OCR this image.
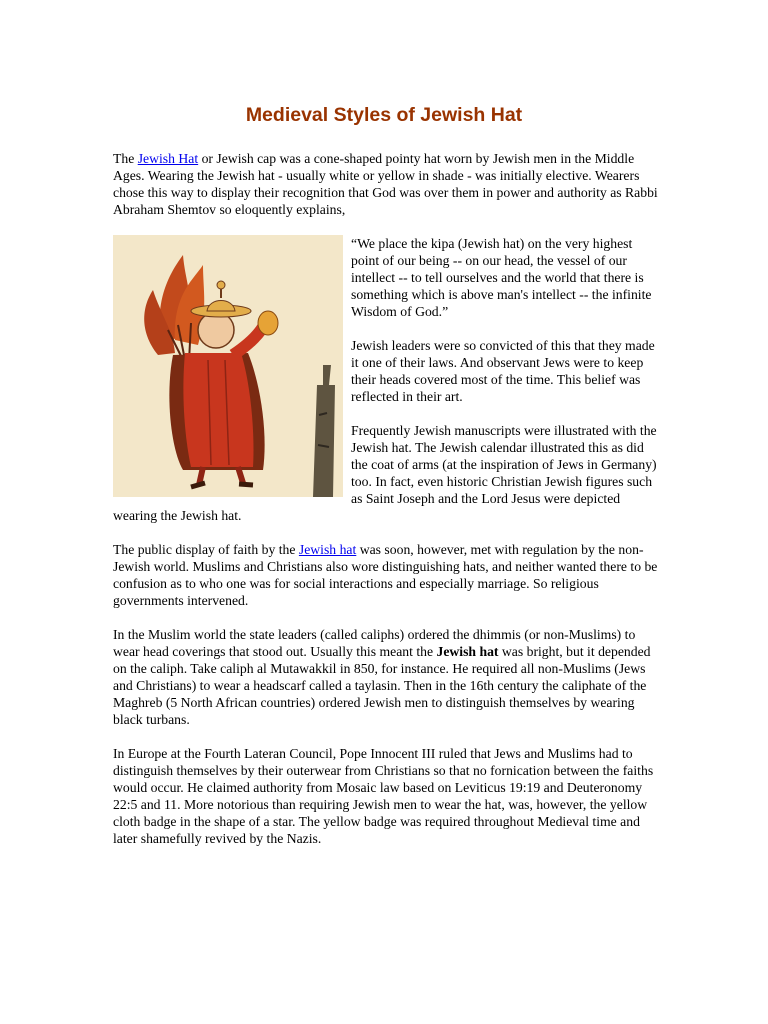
Medieval Styles of Jewish Hat

The Jewish Hat or Jewish cap was a cone-shaped pointy hat worn by Jewish men in the Middle Ages. Wearing the Jewish hat - usually white or yellow in shade - was initially elective. Wearers chose this way to display their recognition that God was over them in power and authority as Rabbi Abraham Shemtov so eloquently explains,

“We place the kipa (Jewish hat) on the very highest point of our being -- on our head, the vessel of our intellect -- to tell ourselves and the world that there is something which is above man's intellect -- the infinite Wisdom of God.”

Jewish leaders were so convicted of this that they made it one of their laws. And observant Jews were to keep their heads covered most of the time. This belief was reflected in their art.

Frequently Jewish manuscripts were illustrated with the Jewish hat. The Jewish calendar illustrated this as did the coat of arms (at the inspiration of Jews in Germany) too. In fact, even historic Christian Jewish figures such as Saint Joseph and the Lord Jesus were depicted wearing the Jewish hat.

The public display of faith by the Jewish hat was soon, however, met with regulation by the non-Jewish world. Muslims and Christians also wore distinguishing hats, and neither wanted there to be confusion as to who one was for social interactions and especially marriage. So religious governments intervened.

In the Muslim world the state leaders (called caliphs) ordered the dhimmis (or non-Muslims) to wear head coverings that stood out. Usually this meant the Jewish hat was bright, but it depended on the caliph. Take caliph al Mutawakkil in 850, for instance. He required all non-Muslims (Jews and Christians) to wear a headscarf called a taylasin. Then in the 16th century the caliphate of the Maghreb (5 North African countries) ordered Jewish men to distinguish themselves by wearing black turbans.

In Europe at the Fourth Lateran Council, Pope Innocent III ruled that Jews and Muslims had to distinguish themselves by their outerwear from Christians so that no fornication between the faiths would occur. He claimed authority from Mosaic law based on Leviticus 19:19 and Deuteronomy 22:5 and 11. More notorious than requiring Jewish men to wear the hat, was, however, the yellow cloth badge in the shape of a star. The yellow badge was required throughout Medieval time and later shamefully revived by the Nazis.
